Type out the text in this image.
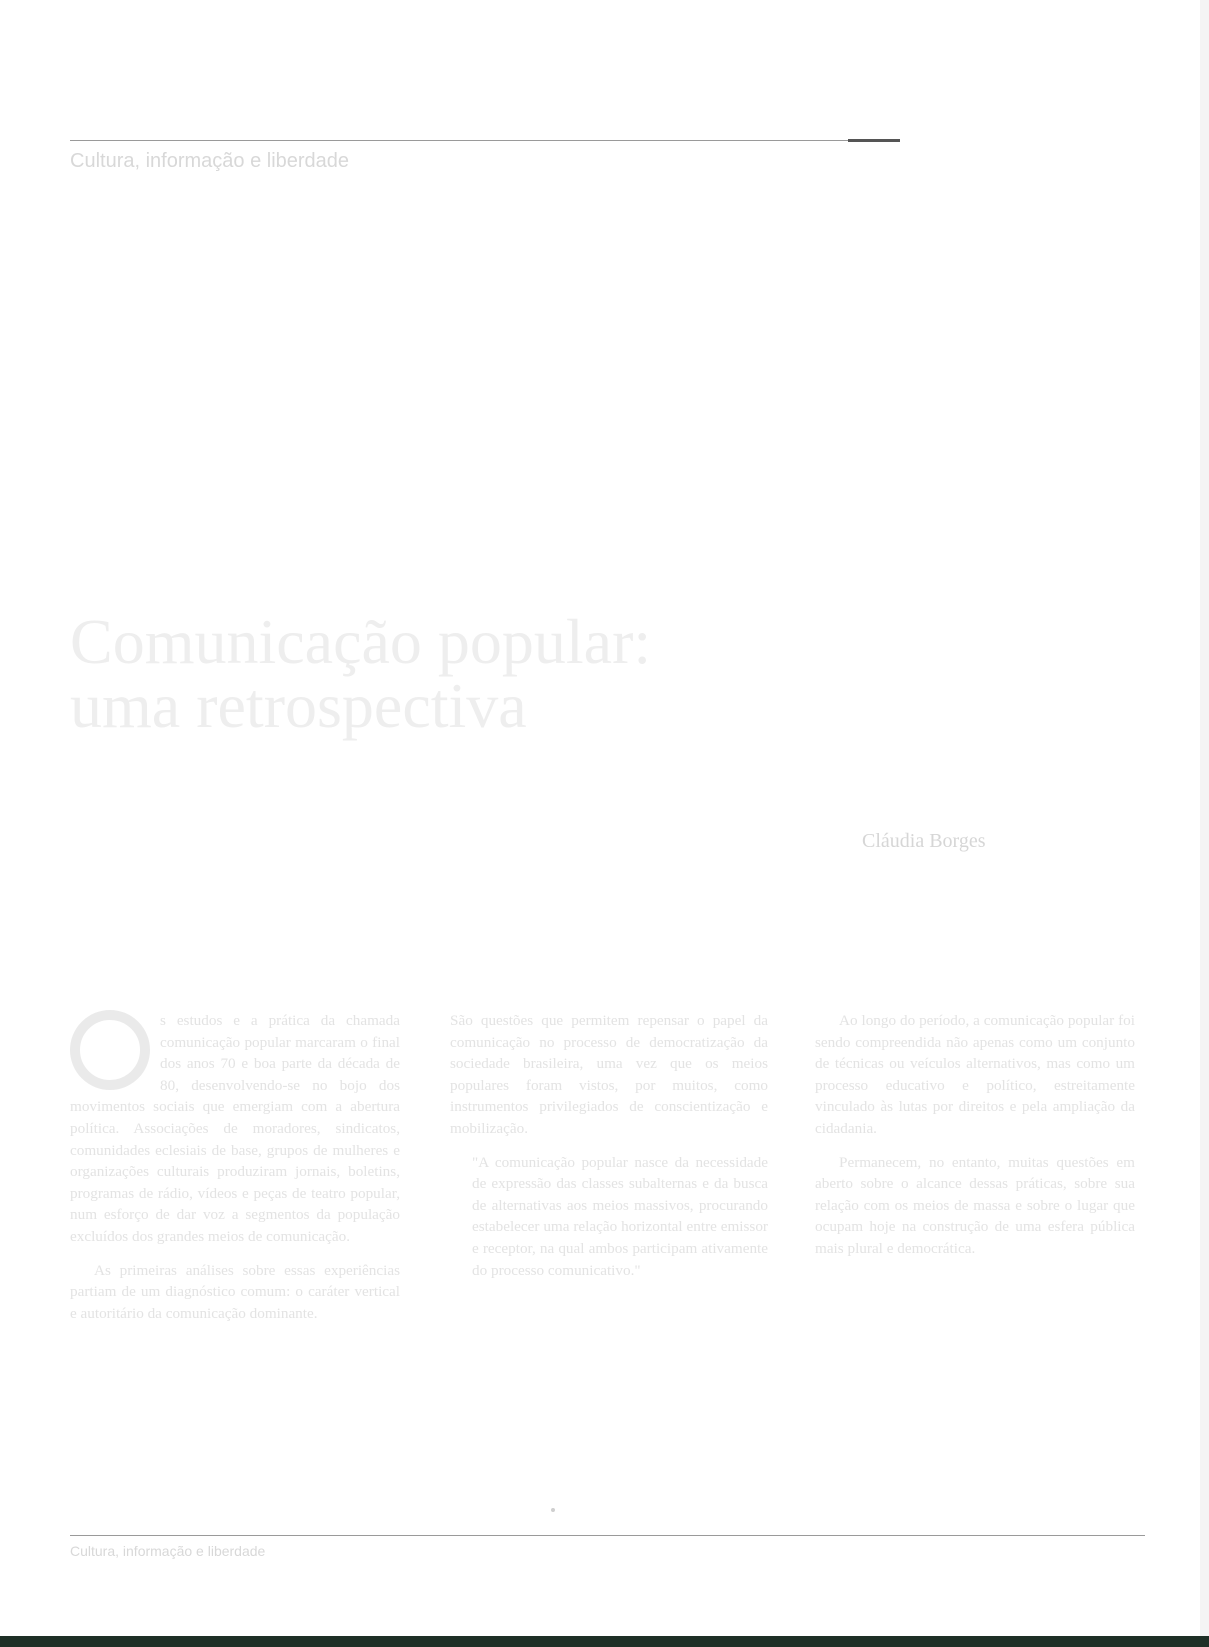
Cultura, informação e liberdade
Comunicação popular:
uma retrospectiva
Cláudia Borges

s estudos e a prática da chamada comunicação popular marcaram o final dos anos 70 e boa parte da década de 80, desenvolvendo-se no bojo dos movimentos sociais que emergiam com a abertura política. Associações de moradores, sindicatos, comunidades eclesiais de base, grupos de mulheres e organizações culturais produziram jornais, boletins, programas de rádio, vídeos e peças de teatro popular, num esforço de dar voz a segmentos da população excluídos dos grandes meios de comunicação.

As primeiras análises sobre essas experiências partiam de um diagnóstico comum: o caráter vertical e autoritário da comunicação dominante.

São questões que permitem repensar o papel da comunicação no processo de democratização da sociedade brasileira, uma vez que os meios populares foram vistos, por muitos, como instrumentos privilegiados de conscientização e mobilização.

"A comunicação popular nasce da necessidade de expressão das classes subalternas e da busca de alternativas aos meios massivos, procurando estabelecer uma relação horizontal entre emissor e receptor, na qual ambos participam ativamente do processo comunicativo."

Ao longo do período, a comunicação popular foi sendo compreendida não apenas como um conjunto de técnicas ou veículos alternativos, mas como um processo educativo e político, estreitamente vinculado às lutas por direitos e pela ampliação da cidadania.

Permanecem, no entanto, muitas questões em aberto sobre o alcance dessas práticas, sobre sua relação com os meios de massa e sobre o lugar que ocupam hoje na construção de uma esfera pública mais plural e democrática.

Cultura, informação e liberdade
